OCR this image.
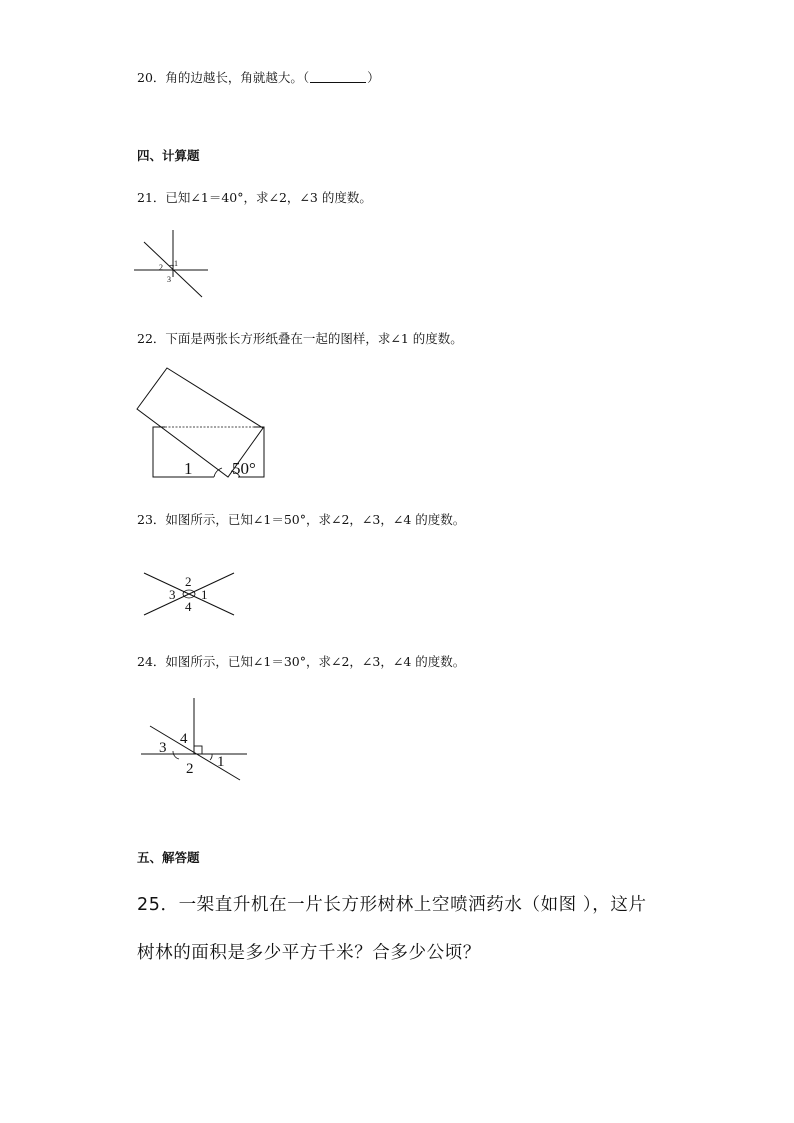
20．角的边越长，角就越大。（	）
四、计算题
21．已知∠1＝40°，求∠2，∠3 的度数。
1
2
3
22．下面是两张长方形纸叠在一起的图样，求∠1 的度数。
1 50°
23．如图所示，已知∠1＝50°，求∠2，∠3，∠4 的度数。
2
3 1
4
24．如图所示，已知∠1＝30°，求∠2，∠3，∠4 的度数。
4
3
2 1
五、解答题
25．一架直升机在一片长方形树林上空喷洒药水（如图 ），这片
树林的面积是多少平方千米？合多少公顷？
